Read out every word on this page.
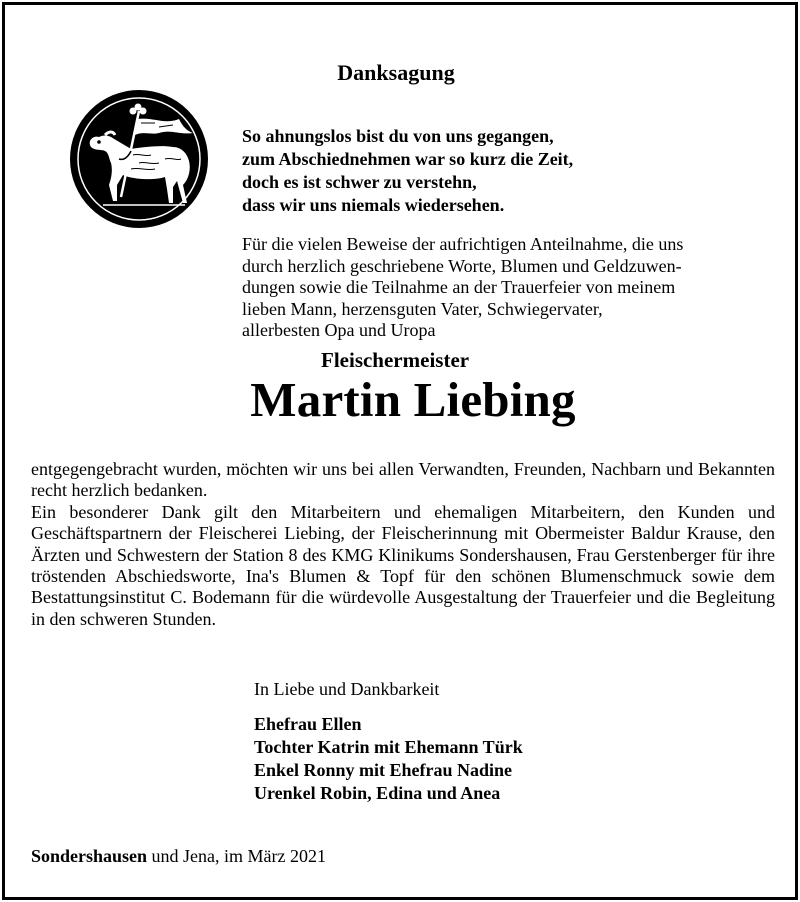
Danksagung
So ahnungslos bist du von uns gegangen,
zum Abschiednehmen war so kurz die Zeit,
doch es ist schwer zu verstehn,
dass wir uns niemals wiedersehen.
Für die vielen Beweise der aufrichtigen Anteilnahme, die uns
durch herzlich geschriebene Worte, Blumen und Geldzuwen-
dungen sowie die Teilnahme an der Trauerfeier von meinem
lieben Mann, herzensguten Vater, Schwiegervater,
allerbesten Opa und Uropa
Fleischermeister
Martin Liebing

entgegengebracht wurden, möchten wir uns bei allen Verwandten, Freunden, Nachbarn und Bekannten recht herzlich bedanken.

Ein besonderer Dank gilt den Mitarbeitern und ehemaligen Mitarbeitern, den Kunden und Geschäftspartnern der Fleischerei Liebing, der Fleischerinnung mit Obermeister Baldur Krause, den Ärzten und Schwestern der Station 8 des KMG Klinikums Sondershausen, Frau Gerstenberger für ihre tröstenden Abschiedsworte, Ina's Blumen & Topf für den schönen Blumenschmuck sowie dem Bestattungsinstitut C. Bodemann für die würdevolle Ausgestaltung der Trauerfeier und die Begleitung in den schweren Stunden.

In Liebe und Dankbarkeit
Ehefrau Ellen
Tochter Katrin mit Ehemann Türk
Enkel Ronny mit Ehefrau Nadine
Urenkel Robin, Edina und Anea
Sondershausen und Jena, im März 2021
